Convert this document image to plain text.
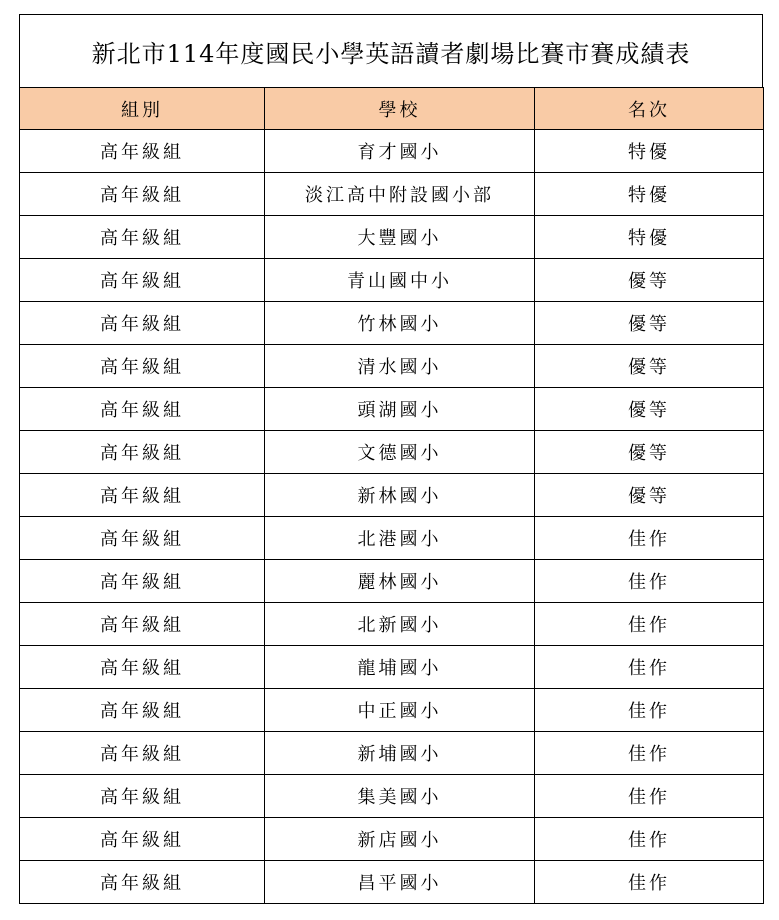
新北市114年度國民小學英語讀者劇場比賽市賽成績表
組別	學校	名次
高年級組	育才國小	特優
高年級組	淡江高中附設國小部	特優
高年級組	大豐國小	特優
高年級組	青山國中小	優等
高年級組	竹林國小	優等
高年級組	清水國小	優等
高年級組	頭湖國小	優等
高年級組	文德國小	優等
高年級組	新林國小	優等
高年級組	北港國小	佳作
高年級組	麗林國小	佳作
高年級組	北新國小	佳作
高年級組	龍埔國小	佳作
高年級組	中正國小	佳作
高年級組	新埔國小	佳作
高年級組	集美國小	佳作
高年級組	新店國小	佳作
高年級組	昌平國小	佳作
